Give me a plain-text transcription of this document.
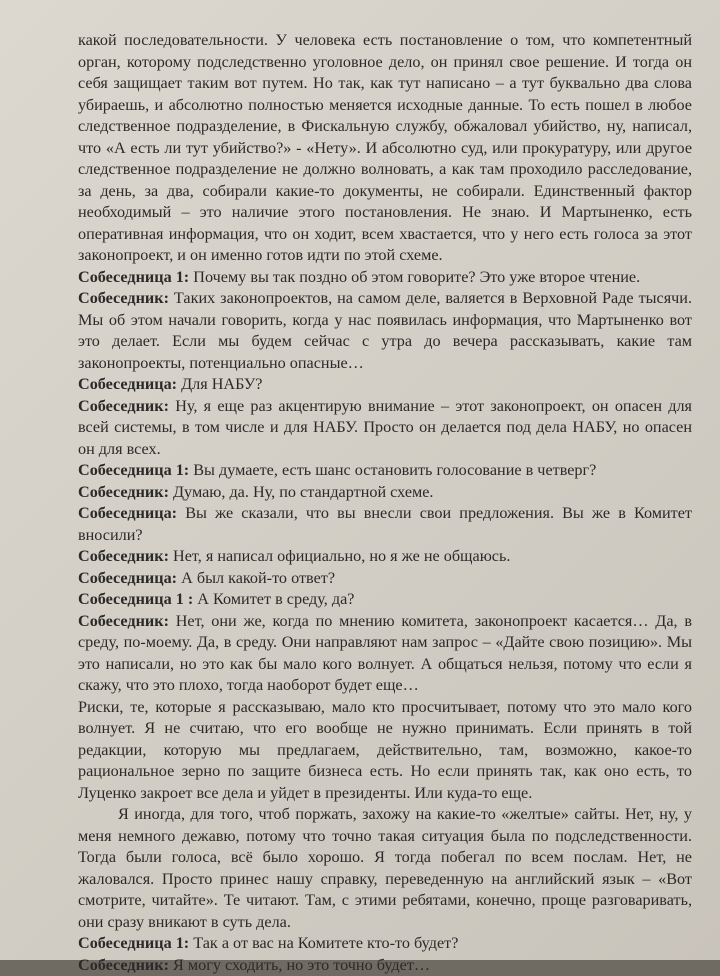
какой последовательности. У человека есть постановление о том, что компетентный орган, которому подследственно уголовное дело, он принял свое решение. И тогда он себя защищает таким вот путем. Но так, как тут написано – а тут буквально два слова убираешь, и абсолютно полностью меняется исходные данные. То есть пошел в любое следственное подразделение, в Фискальную службу, обжаловал убийство, ну, написал, что «А есть ли тут убийство?» - «Нету». И абсолютно суд, или прокуратуру, или другое следственное подразделение не должно волновать, а как там проходило расследование, за день, за два, собирали какие-то документы, не собирали. Единственный фактор необходимый – это наличие этого постановления. Не знаю. И Мартыненко, есть оперативная информация, что он ходит, всем хвастается, что у него есть голоса за этот законопроект, и он именно готов идти по этой схеме.

Собеседница 1: Почему вы так поздно об этом говорите? Это уже второе чтение.

Собеседник: Таких законопроектов, на самом деле, валяется в Верховной Раде тысячи. Мы об этом начали говорить, когда у нас появилась информация, что Мартыненко вот это делает. Если мы будем сейчас с утра до вечера рассказывать, какие там законопроекты, потенциально опасные…

Собеседница: Для НАБУ?

Собеседник: Ну, я еще раз акцентирую внимание – этот законопроект, он опасен для всей системы, в том числе и для НАБУ. Просто он делается под дела НАБУ, но опасен он для всех.

Собеседница 1: Вы думаете, есть шанс остановить голосование в четверг?

Собеседник: Думаю, да. Ну, по стандартной схеме.

Собеседница: Вы же сказали, что вы внесли свои предложения. Вы же в Комитет вносили?

Собеседник: Нет, я написал официально, но я же не общаюсь.

Собеседница: А был какой-то ответ?

Собеседница 1 : А Комитет в среду, да?

Собеседник: Нет, они же, когда по мнению комитета, законопроект касается… Да, в среду, по-моему. Да, в среду. Они направляют нам запрос – «Дайте свою позицию». Мы это написали, но это как бы мало кого волнует. А общаться нельзя, потому что если я скажу, что это плохо, тогда наоборот будет еще…

Риски, те, которые я рассказываю, мало кто просчитывает, потому что это мало кого волнует. Я не считаю, что его вообще не нужно принимать. Если принять в той редакции, которую мы предлагаем, действительно, там, возможно, какое-то рациональное зерно по защите бизнеса есть. Но если принять так, как оно есть, то Луценко закроет все дела и уйдет в президенты. Или куда-то еще.

Я иногда, для того, чтоб поржать, захожу на какие-то «желтые» сайты. Нет, ну, у меня немного дежавю, потому что точно такая ситуация была по подследственности. Тогда были голоса, всё было хорошо. Я тогда побегал по всем послам. Нет, не жаловался. Просто принес нашу справку, переведенную на английский язык – «Вот смотрите, читайте». Те читают. Там, с этими ребятами, конечно, проще разговаривать, они сразу вникают в суть дела.

Собеседница 1: Так а от вас на Комитете кто-то будет?

Собеседник: Я могу сходить, но это точно будет…
